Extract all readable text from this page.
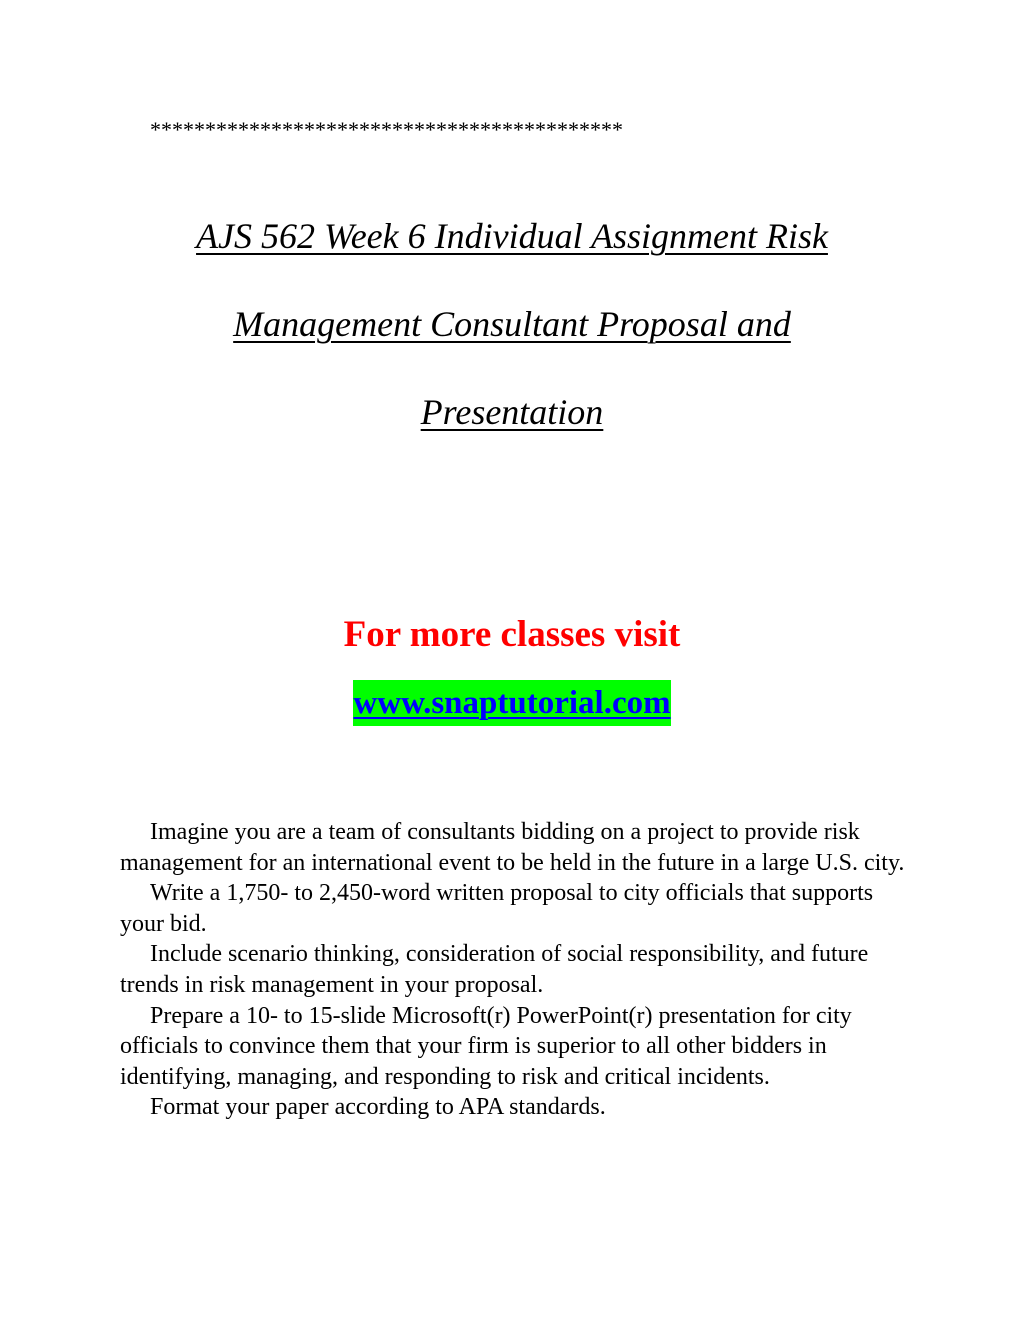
*******************************************
AJS 562 Week 6 Individual Assignment Risk
Management Consultant Proposal and
Presentation
For more classes visit
www.snaptutorial.com

Imagine you are a team of consultants bidding on a project to provide risk management for an international event to be held in the future in a large U.S. city.

Write a 1,750- to 2,450-word written proposal to city officials that supports your bid.

Include scenario thinking, consideration of social responsibility, and future trends in risk management in your proposal.

Prepare a 10- to 15-slide Microsoft(r) PowerPoint(r) presentation for city officials to convince them that your firm is superior to all other bidders in identifying, managing, and responding to risk and critical incidents.

Format your paper according to APA standards.
